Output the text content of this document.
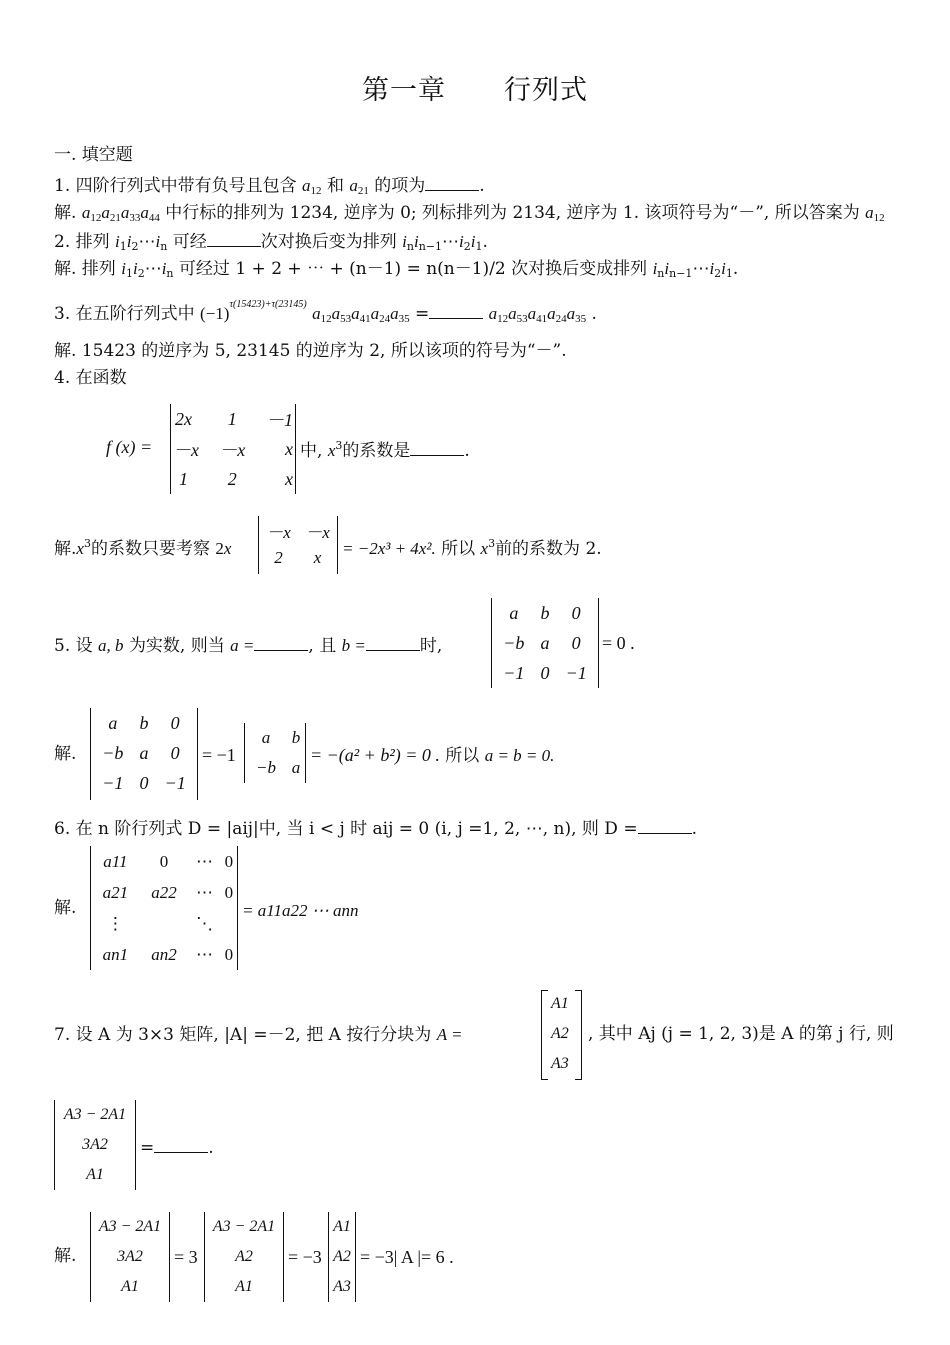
第一章 行列式
一. 填空题
1. 四阶行列式中带有负号且包含 $a_{12}$ 和 $a_{21}$ 的项为	.
解. $a_{12}a_{21}a_{33}a_{44}$ 中行标的排列为 1234, 逆序为 0; 列标排列为 2134, 逆序为 1. 该项符号为“－”, 所以答案为 $a_{12}$
2. 排列 $i_1i_2\cdots i_n$ 可经	次对换后变为排列 $i_ni_{n-1}\cdots i_2i_1$.
解. 排列 $i_1i_2\cdots i_n$ 可经过 1 + 2 + ⋯ + (n－1) = n(n－1)/2 次对换后变成排列 $i_ni_{n-1}\cdots i_2i_1$.
3. 在五阶行列式中 $(-1)^{\tau(15423)+\tau(23145)}$ $a_{12}a_{53}a_{41}a_{24}a_{35}$ =	$a_{12}a_{53}a_{41}a_{24}a_{35}$ .
解. 15423 的逆序为 5, 23145 的逆序为 2, 所以该项的符号为“－”.
4. 在函数
f (x) =
2x	1	－1
－x	－x	x
1	2	x
中, $x^3$的系数是	.
解$.x^3$的系数只要考察 2x
－x	－x
2	x = −2x³ + 4x². 所以 $x^3$前的系数为 2.
5. 设 a, b 为实数, 则当 a =	, 且 b =	时,
a	b	0
−b	a	0
−1	0	−1
= 0 .
解.
a	b	0
−b	a	0
−1	0	−1
= −1
a	b
−b	a
= −(a² + b²) = 0 . 所以 a = b = 0.
6. 在 n 阶行列式 D = |aij|中, 当 i < j 时 aij = 0 (i, j =1, 2, ⋯, n), 则 D =	.
解.
a11	0	⋯	0
a21	a22	⋯	0
⋮		⋱	
an1	an2	⋯	0
= a11a22 ⋯ ann
7. 设 A 为 3×3 矩阵, |A| =－2, 把 A 按行分块为 A =
A1
A2
A3
, 其中 Aj (j = 1, 2, 3)是 A 的第 j 行, 则
A3 − 2A1
3A2
A1
=	.
解.
A3 − 2A1
3A2
A1
= 3
A3 − 2A1
A2
A1
= −3
A1
A2
A3
= −3| A |= 6 .
